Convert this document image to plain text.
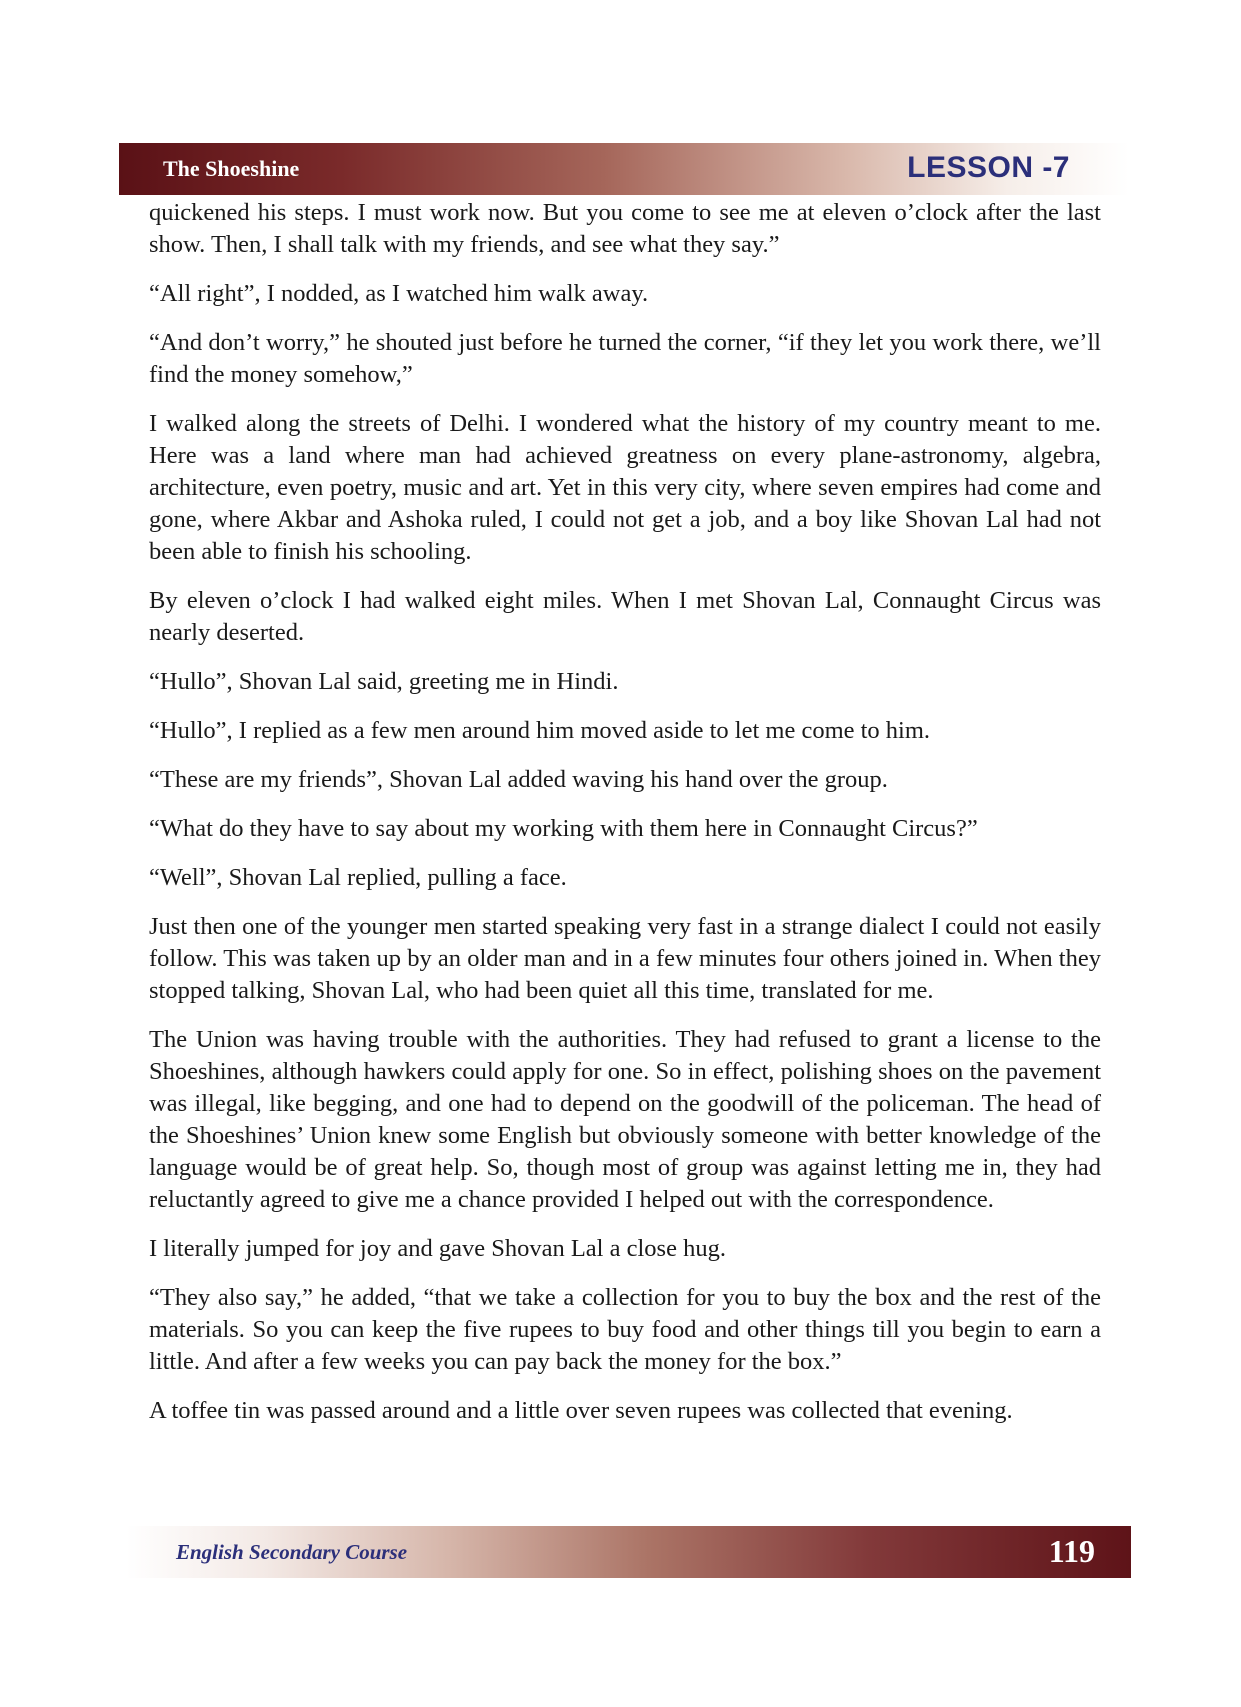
The Shoeshine	LESSON -7

quickened his steps. I must work now. But you come to see me at eleven o’clock after the last show. Then, I shall talk with my friends, and see what they say.”

“All right”, I nodded, as I watched him walk away.

“And don’t worry,” he shouted just before he turned the corner, “if they let you work there, we’ll find the money somehow,”

I walked along the streets of Delhi. I wondered what the history of my country meant to me. Here was a land where man had achieved greatness on every plane-astronomy, algebra, architecture, even poetry, music and art. Yet in this very city, where seven empires had come and gone, where Akbar and Ashoka ruled, I could not get a job, and a boy like Shovan Lal had not been able to finish his schooling.

By eleven o’clock I had walked eight miles. When I met Shovan Lal, Connaught Circus was nearly deserted.

“Hullo”, Shovan Lal said, greeting me in Hindi.

“Hullo”, I replied as a few men around him moved aside to let me come to him.

“These are my friends”, Shovan Lal added waving his hand over the group.

“What do they have to say about my working with them here in Connaught Circus?”

“Well”, Shovan Lal replied, pulling a face.

Just then one of the younger men started speaking very fast in a strange dialect I could not easily follow. This was taken up by an older man and in a few minutes four others joined in. When they stopped talking, Shovan Lal, who had been quiet all this time, translated for me.

The Union was having trouble with the authorities. They had refused to grant a license to the Shoeshines, although hawkers could apply for one. So in effect, polishing shoes on the pavement was illegal, like begging, and one had to depend on the goodwill of the policeman. The head of the Shoeshines’ Union knew some English but obviously someone with better knowledge of the language would be of great help. So, though most of group was against letting me in, they had reluctantly agreed to give me a chance provided I helped out with the correspondence.

I literally jumped for joy and gave Shovan Lal a close hug.

“They also say,” he added, “that we take a collection for you to buy the box and the rest of the materials. So you can keep the five rupees to buy food and other things till you begin to earn a little. And after a few weeks you can pay back the money for the box.”

A toffee tin was passed around and a little over seven rupees was collected that evening.

English Secondary Course	119
